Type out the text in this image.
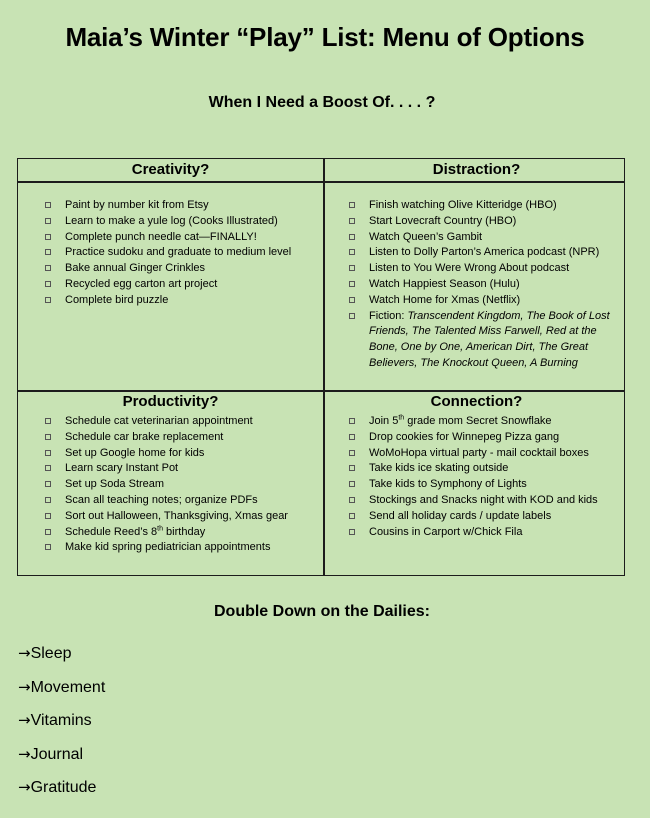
Maia’s Winter “Play” List: Menu of Options
When I Need a Boost Of. . . . ?
Creativity?
Paint by number kit from Etsy
Learn to make a yule log (Cooks Illustrated)
Complete punch needle cat—FINALLY!
Practice sudoku and graduate to medium level
Bake annual Ginger Crinkles
Recycled egg carton art project
Complete bird puzzle
Distraction?
Finish watching Olive Kitteridge (HBO)
Start Lovecraft Country (HBO)
Watch Queen’s Gambit
Listen to Dolly Parton’s America podcast (NPR)
Listen to You Were Wrong About podcast
Watch Happiest Season (Hulu)
Watch Home for Xmas (Netflix)
Fiction: Transcendent Kingdom, The Book of Lost Friends, The Talented Miss Farwell, Red at the Bone, One by One, American Dirt, The Great Believers, The Knockout Queen, A Burning
Productivity?
Schedule cat veterinarian appointment
Schedule car brake replacement
Set up Google home for kids
Learn scary Instant Pot
Set up Soda Stream
Scan all teaching notes; organize PDFs
Sort out Halloween, Thanksgiving, Xmas gear
Schedule Reed’s 8th birthday
Make kid spring pediatrician appointments
Connection?
Join 5th grade mom Secret Snowflake
Drop cookies for Winnepeg Pizza gang
WoMoHopa virtual party - mail cocktail boxes
Take kids ice skating outside
Take kids to Symphony of Lights
Stockings and Snacks night with KOD and kids
Send all holiday cards / update labels
Cousins in Carport w/Chick Fila
Double Down on the Dailies:
→Sleep
→Movement
→Vitamins
→Journal
→Gratitude
